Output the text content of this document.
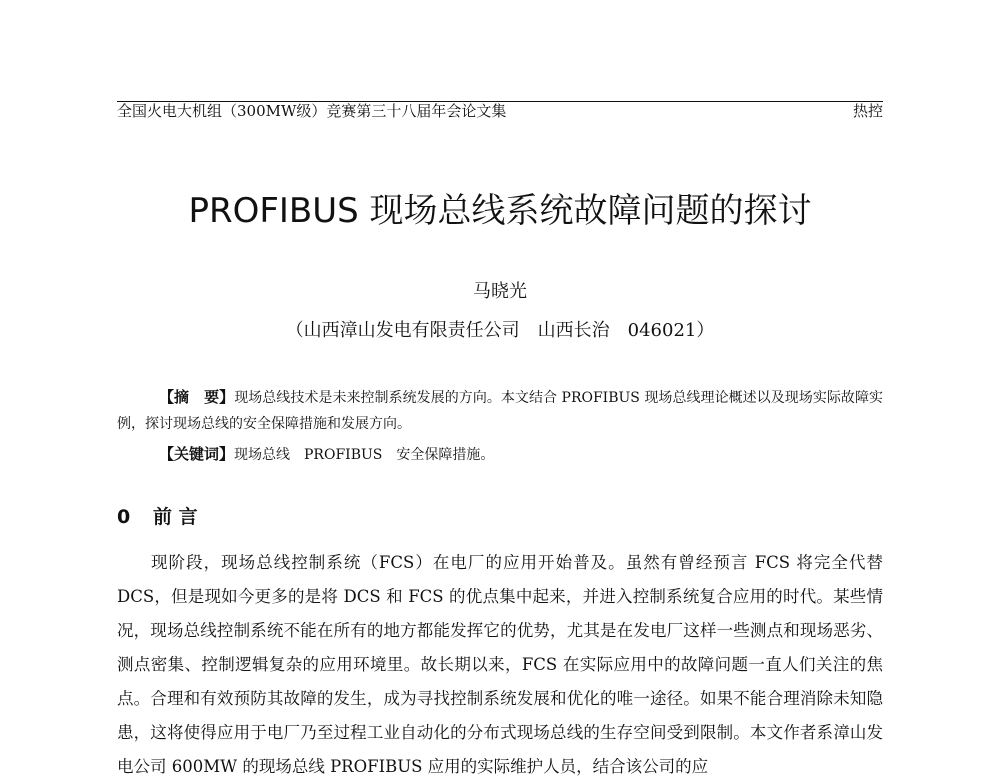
全国火电大机组（300MW级）竞赛第三十八届年会论文集	热控
PROFIBUS 现场总线系统故障问题的探讨
马晓光
（山西漳山发电有限责任公司　山西长治　046021）
【摘　要】现场总线技术是未来控制系统发展的方向。本文结合 PROFIBUS 现场总线理论概述以及现场实际故障实例，探讨现场总线的安全保障措施和发展方向。
【关键词】现场总线　PROFIBUS　安全保障措施。
0 前 言
现阶段，现场总线控制系统（FCS）在电厂的应用开始普及。虽然有曾经预言 FCS 将完全代替 DCS，但是现如今更多的是将 DCS 和 FCS 的优点集中起来，并进入控制系统复合应用的时代。某些情况，现场总线控制系统不能在所有的地方都能发挥它的优势，尤其是在发电厂这样一些测点和现场恶劣、测点密集、控制逻辑复杂的应用环境里。故长期以来，FCS 在实际应用中的故障问题一直人们关注的焦点。合理和有效预防其故障的发生，成为寻找控制系统发展和优化的唯一途径。如果不能合理消除未知隐患，这将使得应用于电厂乃至过程工业自动化的分布式现场总线的生存空间受到限制。本文作者系漳山发电公司 600MW 的现场总线 PROFIBUS 应用的实际维护人员，结合该公司的应
